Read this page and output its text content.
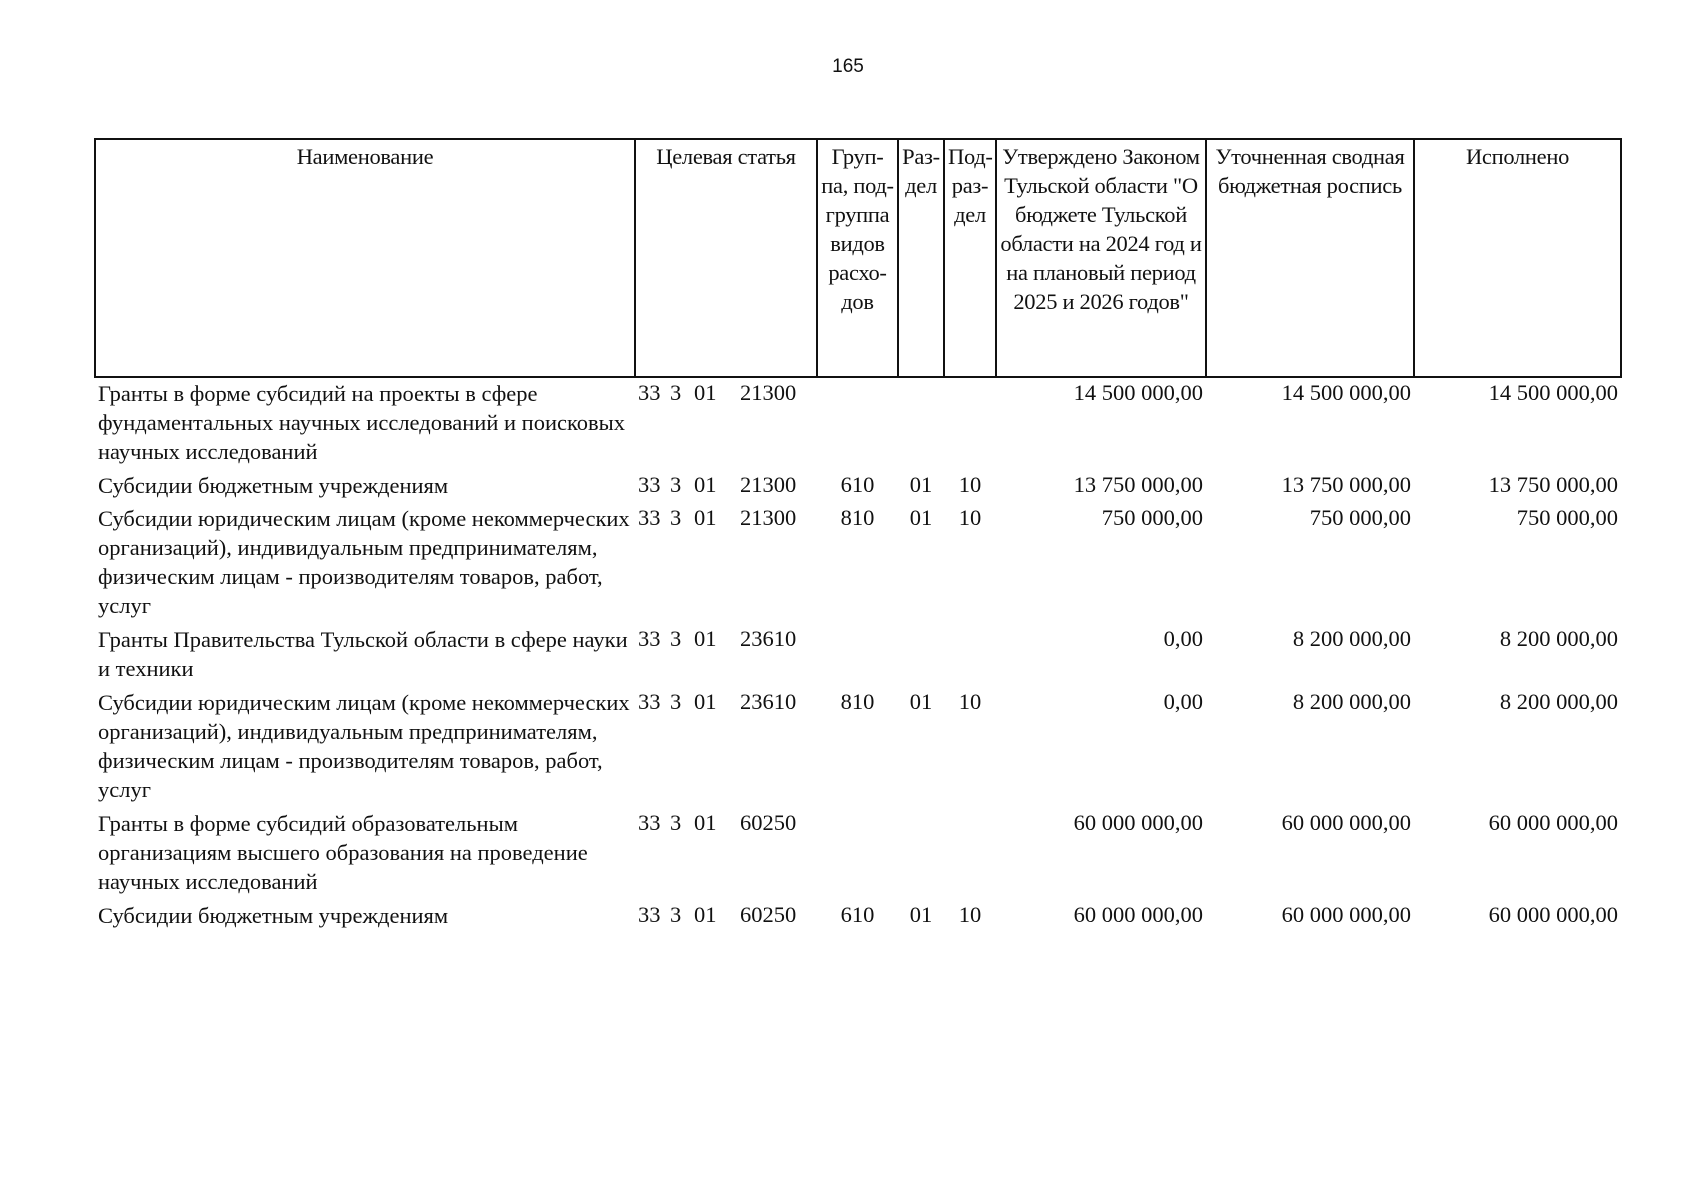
165
Наименование	Целевая статья	Груп-па, под-группа видов расхо-дов	Раз-дел	Под-раз-дел	Утверждено Законом Тульской области "О бюджете Тульской области на 2024 год и на плановый период 2025 и 2026 годов"	Уточненная сводная бюджетная роспись	Исполнено
Гранты в форме субсидий на проекты в сфере фундаментальных научных исследований и поисковых научных исследований	33 3 01 21300				14 500 000,00	14 500 000,00	14 500 000,00
Субсидии бюджетным учреждениям	33 3 01 21300	610	01	10	13 750 000,00	13 750 000,00	13 750 000,00
Субсидии юридическим лицам (кроме некоммерческих организаций), индивидуальным предпринимателям, физическим лицам - производителям товаров, работ, услуг	33 3 01 21300	810	01	10	750 000,00	750 000,00	750 000,00
Гранты Правительства Тульской области в сфере науки и техники	33 3 01 23610				0,00	8 200 000,00	8 200 000,00
Субсидии юридическим лицам (кроме некоммерческих организаций), индивидуальным предпринимателям, физическим лицам - производителям товаров, работ, услуг	33 3 01 23610	810	01	10	0,00	8 200 000,00	8 200 000,00
Гранты в форме субсидий образовательным организациям высшего образования на проведение научных исследований	33 3 01 60250				60 000 000,00	60 000 000,00	60 000 000,00
Субсидии бюджетным учреждениям	33 3 01 60250	610	01	10	60 000 000,00	60 000 000,00	60 000 000,00
